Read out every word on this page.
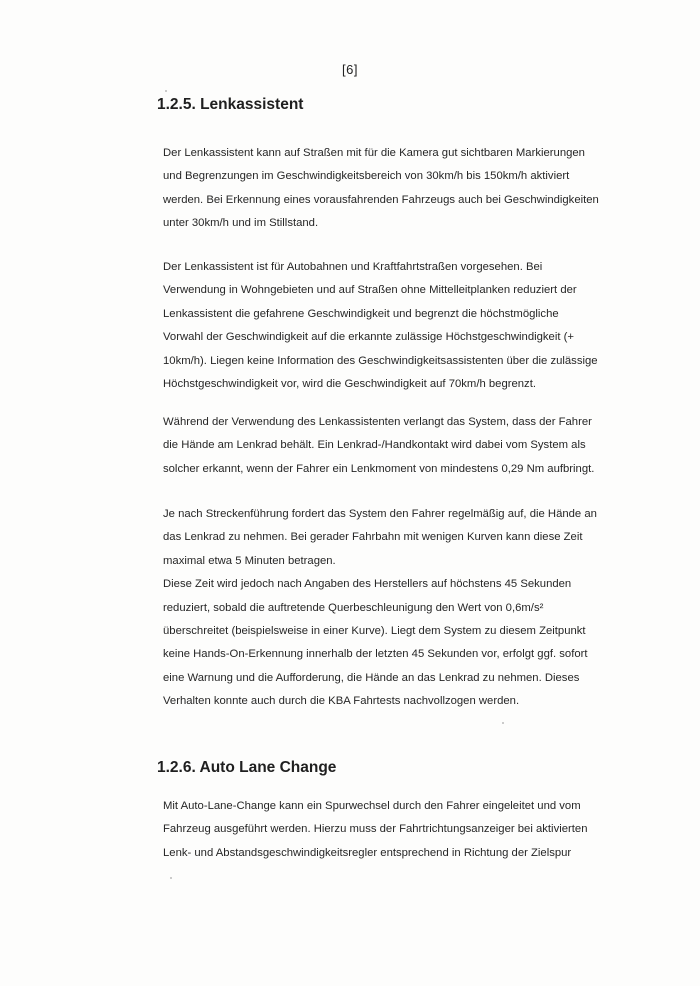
[6]
1.2.5. Lenkassistent

Der Lenkassistent kann auf Straßen mit für die Kamera gut sichtbaren Markierungen
und Begrenzungen im Geschwindigkeitsbereich von 30km/h bis 150km/h aktiviert
werden. Bei Erkennung eines vorausfahrenden Fahrzeugs auch bei Geschwindigkeiten
unter 30km/h und im Stillstand.

Der Lenkassistent ist für Autobahnen und Kraftfahrtstraßen vorgesehen. Bei
Verwendung in Wohngebieten und auf Straßen ohne Mittelleitplanken reduziert der
Lenkassistent die gefahrene Geschwindigkeit und begrenzt die höchstmögliche
Vorwahl der Geschwindigkeit auf die erkannte zulässige Höchstgeschwindigkeit (+
10km/h). Liegen keine Information des Geschwindigkeitsassistenten über die zulässige
Höchstgeschwindigkeit vor, wird die Geschwindigkeit auf 70km/h begrenzt.

Während der Verwendung des Lenkassistenten verlangt das System, dass der Fahrer
die Hände am Lenkrad behält. Ein Lenkrad-/Handkontakt wird dabei vom System als
solcher erkannt, wenn der Fahrer ein Lenkmoment von mindestens 0,29 Nm aufbringt.

Je nach Streckenführung fordert das System den Fahrer regelmäßig auf, die Hände an
das Lenkrad zu nehmen. Bei gerader Fahrbahn mit wenigen Kurven kann diese Zeit
maximal etwa 5 Minuten betragen.
Diese Zeit wird jedoch nach Angaben des Herstellers auf höchstens 45 Sekunden
reduziert, sobald die auftretende Querbeschleunigung den Wert von 0,6m/s²
überschreitet (beispielsweise in einer Kurve). Liegt dem System zu diesem Zeitpunkt
keine Hands-On-Erkennung innerhalb der letzten 45 Sekunden vor, erfolgt ggf. sofort
eine Warnung und die Aufforderung, die Hände an das Lenkrad zu nehmen. Dieses
Verhalten konnte auch durch die KBA Fahrtests nachvollzogen werden.

1.2.6. Auto Lane Change

Mit Auto-Lane-Change kann ein Spurwechsel durch den Fahrer eingeleitet und vom
Fahrzeug ausgeführt werden. Hierzu muss der Fahrtrichtungsanzeiger bei aktivierten
Lenk- und Abstandsgeschwindigkeitsregler entsprechend in Richtung der Zielspur
